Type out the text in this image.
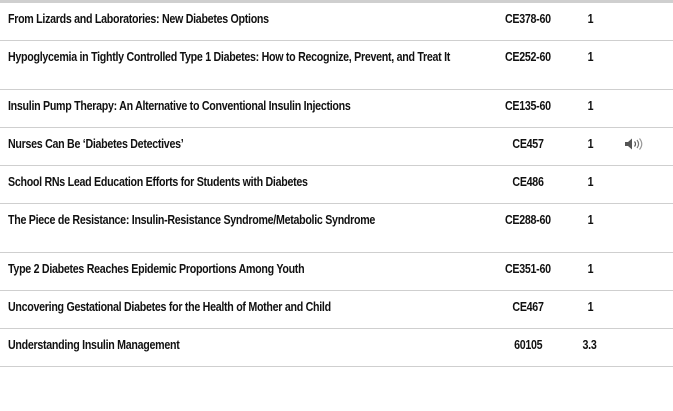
From Lizards and Laboratories: New Diabetes Options	CE378-60	1	
Hypoglycemia in Tightly Controlled Type 1 Diabetes: How to Recognize, Prevent, and Treat It	CE252-60	1	
Insulin Pump Therapy: An Alternative to Conventional Insulin Injections	CE135-60	1	
Nurses Can Be ‘Diabetes Detectives’	CE457	1	
School RNs Lead Education Efforts for Students with Diabetes	CE486	1	
The Piece de Resistance: Insulin-Resistance Syndrome/Metabolic Syndrome	CE288-60	1	
Type 2 Diabetes Reaches Epidemic Proportions Among Youth	CE351-60	1	
Uncovering Gestational Diabetes for the Health of Mother and Child	CE467	1	
Understanding Insulin Management	60105	3.3	
